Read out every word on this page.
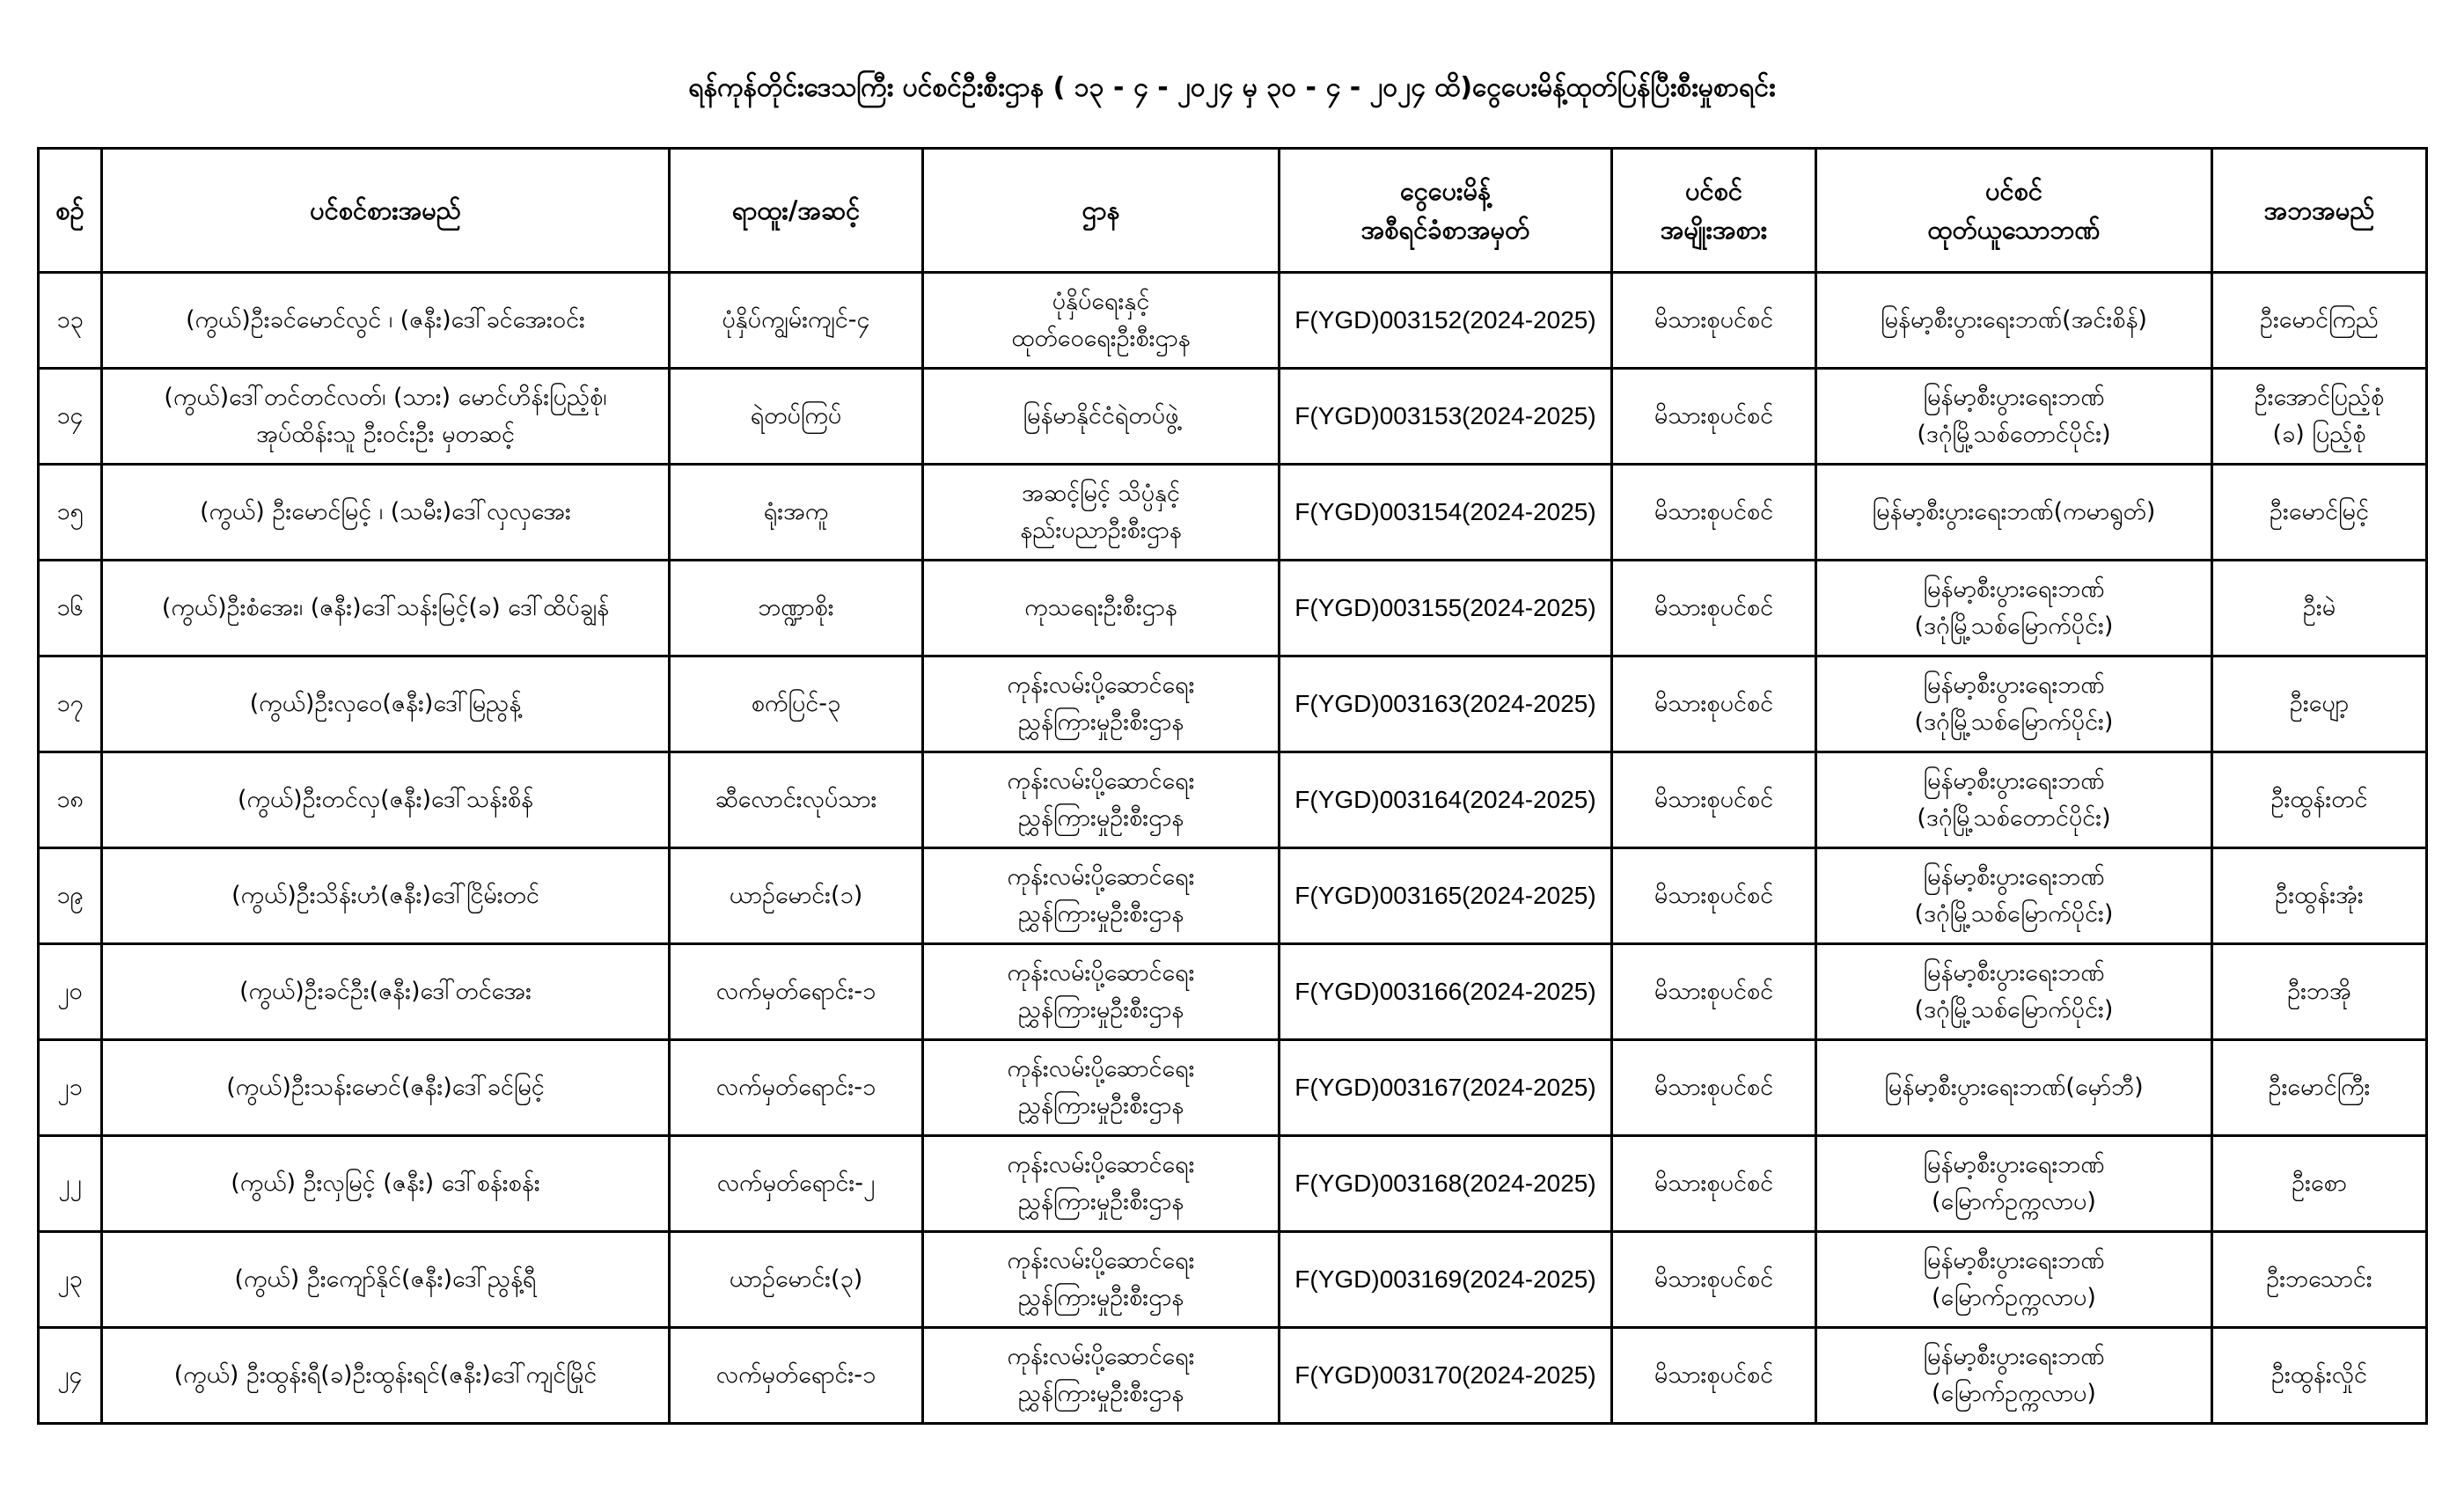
ရန်ကုန်တိုင်းဒေသကြီး ပင်စင်ဦးစီးဌာန ( ၁၃ - ၄ - ၂၀၂၄ မှ ၃၀ - ၄ - ၂၀၂၄ ထိ)ငွေပေးမိန့်ထုတ်ပြန်ပြီးစီးမှုစာရင်း
စဉ်	ပင်စင်စားအမည်	ရာထူး/အဆင့်	ဌာန	ငွေပေးမိန့်
အစီရင်ခံစာအမှတ်	ပင်စင်
အမျိုးအစား	ပင်စင်
ထုတ်ယူသောဘဏ်	အဘအမည်

၁၃	(ကွယ်)ဦးခင်မောင်လွင် ၊ (ဇနီး)ဒေါ်ခင်အေးဝင်း	ပုံနှိပ်ကျွမ်းကျင်-၄	ပုံနှိပ်ရေးနှင့်
ထုတ်ဝေရေးဦးစီးဌာန	F(YGD)003152(2024-2025)	မိသားစုပင်စင်	မြန်မာ့စီးပွားရေးဘဏ်(အင်းစိန်)	ဦးမောင်ကြည်

၁၄	(ကွယ်)ဒေါ်တင်တင်လတ်၊ (သား) မောင်ဟိန်းပြည့်စုံ၊
အုပ်ထိန်းသူ ဦးဝင်းဦး မှတဆင့်	ရဲတပ်ကြပ်	မြန်မာနိုင်ငံရဲတပ်ဖွဲ့	F(YGD)003153(2024-2025)	မိသားစုပင်စင်	မြန်မာ့စီးပွားရေးဘဏ်
(ဒဂုံမြို့သစ်တောင်ပိုင်း)	ဦးအောင်ပြည့်စုံ
(ခ) ပြည့်စုံ

၁၅	(ကွယ်) ဦးမောင်မြင့် ၊ (သမီး)ဒေါ်လှလှအေး	ရုံးအကူ	အဆင့်မြင့် သိပ္ပံနှင့်
နည်းပညာဦးစီးဌာန	F(YGD)003154(2024-2025)	မိသားစုပင်စင်	မြန်မာ့စီးပွားရေးဘဏ်(ကမာရွတ်)	ဦးမောင်မြင့်

၁၆	(ကွယ်)ဦးစံအေး၊ (ဇနီး)ဒေါ်သန်းမြင့်(ခ) ဒေါ်ထိပ်ချွန်	ဘဏ္ဍာစိုး	ကုသရေးဦးစီးဌာန	F(YGD)003155(2024-2025)	မိသားစုပင်စင်	မြန်မာ့စီးပွားရေးဘဏ်
(ဒဂုံမြို့သစ်မြောက်ပိုင်း)	ဦးမဲ

၁၇	(ကွယ်)ဦးလှဝေ(ဇနီး)ဒေါ်မြညွန့်	စက်ပြင်-၃	ကုန်းလမ်းပို့ဆောင်ရေး
ညွှန်ကြားမှုဦးစီးဌာန	F(YGD)003163(2024-2025)	မိသားစုပင်စင်	မြန်မာ့စီးပွားရေးဘဏ်
(ဒဂုံမြို့သစ်မြောက်ပိုင်း)	ဦးပျော့

၁၈	(ကွယ်)ဦးတင်လှ(ဇနီး)ဒေါ်သန်းစိန်	ဆီလောင်းလုပ်သား	ကုန်းလမ်းပို့ဆောင်ရေး
ညွှန်ကြားမှုဦးစီးဌာန	F(YGD)003164(2024-2025)	မိသားစုပင်စင်	မြန်မာ့စီးပွားရေးဘဏ်
(ဒဂုံမြို့သစ်တောင်ပိုင်း)	ဦးထွန်းတင်

၁၉	(ကွယ်)ဦးသိန်းဟံ(ဇနီး)ဒေါ်ငြိမ်းတင်	ယာဉ်မောင်း(၁)	ကုန်းလမ်းပို့ဆောင်ရေး
ညွှန်ကြားမှုဦးစီးဌာန	F(YGD)003165(2024-2025)	မိသားစုပင်စင်	မြန်မာ့စီးပွားရေးဘဏ်
(ဒဂုံမြို့သစ်မြောက်ပိုင်း)	ဦးထွန်းအုံး

၂၀	(ကွယ်)ဦးခင်ဦး(ဇနီး)ဒေါ်တင်အေး	လက်မှတ်ရောင်း-၁	ကုန်းလမ်းပို့ဆောင်ရေး
ညွှန်ကြားမှုဦးစီးဌာန	F(YGD)003166(2024-2025)	မိသားစုပင်စင်	မြန်မာ့စီးပွားရေးဘဏ်
(ဒဂုံမြို့သစ်မြောက်ပိုင်း)	ဦးဘအို

၂၁	(ကွယ်)ဦးသန်းမောင်(ဇနီး)ဒေါ်ခင်မြင့်	လက်မှတ်ရောင်း-၁	ကုန်းလမ်းပို့ဆောင်ရေး
ညွှန်ကြားမှုဦးစီးဌာန	F(YGD)003167(2024-2025)	မိသားစုပင်စင်	မြန်မာ့စီးပွားရေးဘဏ်(မှော်ဘီ)	ဦးမောင်ကြီး

၂၂	(ကွယ်) ဦးလှမြင့် (ဇနီး) ဒေါ်စန်းစန်း	လက်မှတ်ရောင်း-၂	ကုန်းလမ်းပို့ဆောင်ရေး
ညွှန်ကြားမှုဦးစီးဌာန	F(YGD)003168(2024-2025)	မိသားစုပင်စင်	မြန်မာ့စီးပွားရေးဘဏ်
(မြောက်ဥက္ကလာပ)	ဦးစော

၂၃	(ကွယ်) ဦးကျော်နိုင်(ဇနီး)ဒေါ်ညွန့်ရီ	ယာဉ်မောင်း(၃)	ကုန်းလမ်းပို့ဆောင်ရေး
ညွှန်ကြားမှုဦးစီးဌာန	F(YGD)003169(2024-2025)	မိသားစုပင်စင်	မြန်မာ့စီးပွားရေးဘဏ်
(မြောက်ဥက္ကလာပ)	ဦးဘသောင်း

၂၄	(ကွယ်) ဦးထွန်းရီ(ခ)ဦးထွန်းရင်(ဇနီး)ဒေါ်ကျင်မြိုင်	လက်မှတ်ရောင်း-၁	ကုန်းလမ်းပို့ဆောင်ရေး
ညွှန်ကြားမှုဦးစီးဌာန	F(YGD)003170(2024-2025)	မိသားစုပင်စင်	မြန်မာ့စီးပွားရေးဘဏ်
(မြောက်ဥက္ကလာပ)	ဦးထွန်းလှိုင်
